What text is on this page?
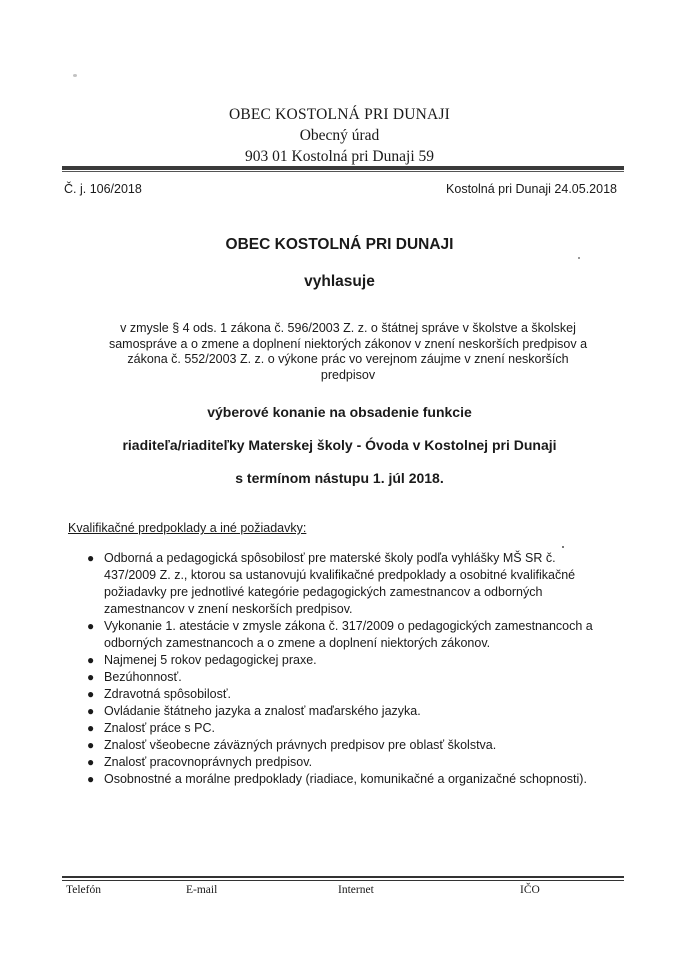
OBEC KOSTOLNÁ PRI DUNAJI
Obecný úrad
903 01 Kostolná pri Dunaji 59
Č. j. 106/2018	Kostolná pri Dunaji 24.05.2018
OBEC KOSTOLNÁ PRI DUNAJI
vyhlasuje
v zmysle § 4 ods. 1 zákona č. 596/2003 Z. z. o štátnej správe v školstve a školskej samospráve a o zmene a doplnení niektorých zákonov v znení neskorších predpisov a zákona č. 552/2003 Z. z. o výkone prác vo verejnom záujme v znení neskorších predpisov
výberové konanie na obsadenie funkcie
riaditeľa/riaditeľky Materskej školy - Óvoda v Kostolnej pri Dunaji
s termínom nástupu 1. júl 2018.
Kvalifikačné predpoklady a iné požiadavky:
● Odborná a pedagogická spôsobilosť pre materské školy podľa vyhlášky MŠ SR č. 437/2009 Z. z., ktorou sa ustanovujú kvalifikačné predpoklady a osobitné kvalifikačné požiadavky pre jednotlivé kategórie pedagogických zamestnancov a odborných zamestnancov v znení neskorších predpisov.
● Vykonanie 1. atestácie v zmysle zákona č. 317/2009 o pedagogických zamestnancoch a odborných zamestnancoch a o zmene a doplnení niektorých zákonov.
● Najmenej 5 rokov pedagogickej praxe.
● Bezúhonnosť.
● Zdravotná spôsobilosť.
● Ovládanie štátneho jazyka a znalosť maďarského jazyka.
● Znalosť práce s PC.
● Znalosť všeobecne záväzných právnych predpisov pre oblasť školstva.
● Znalosť pracovnoprávnych predpisov.
● Osobnostné a morálne predpoklady (riadiace, komunikačné a organizačné schopnosti).
Telefón	E-mail	Internet	IČO
